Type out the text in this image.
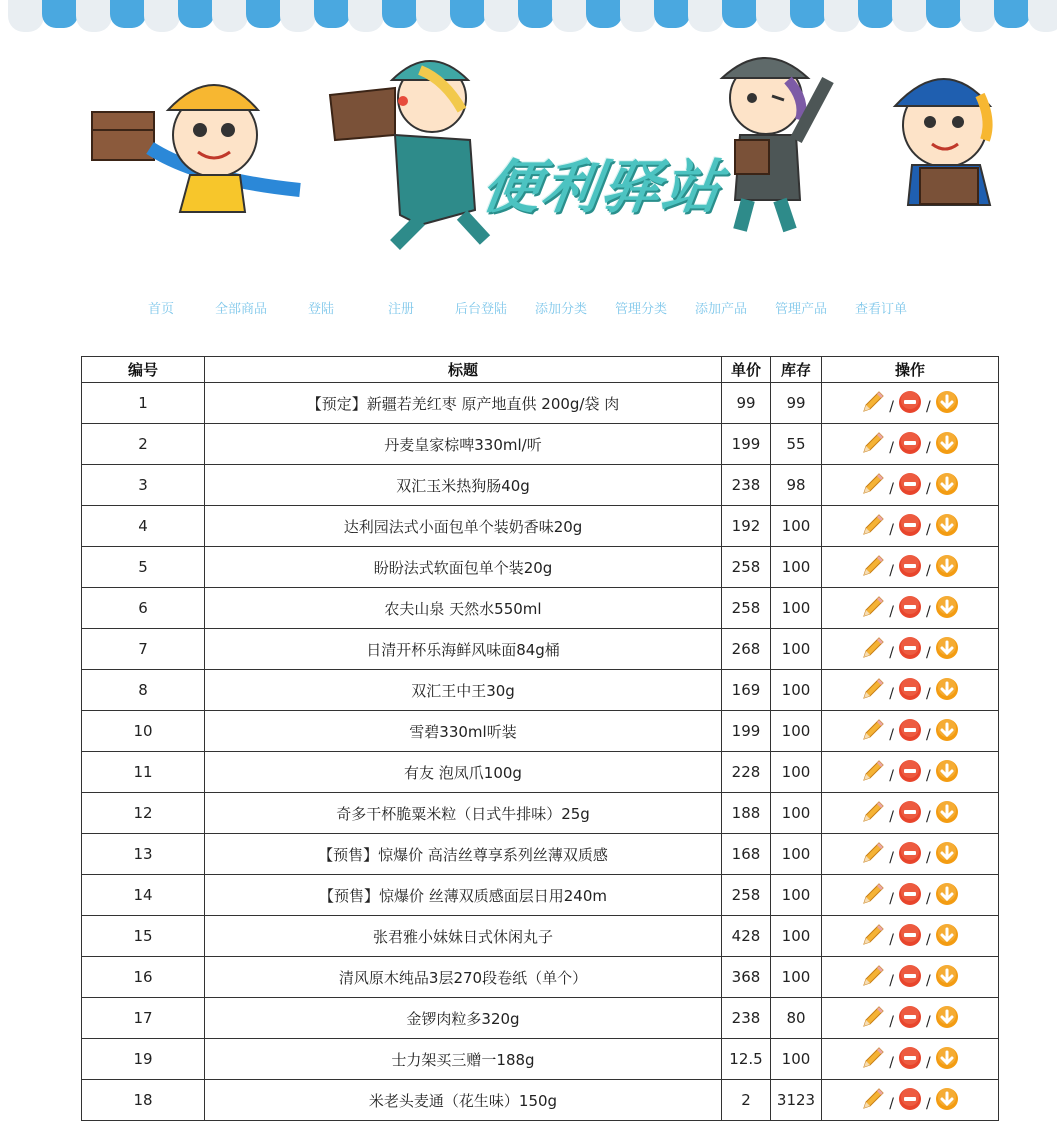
便利驿站
首页	全部商品	登陆	注册	后台登陆	添加分类	管理分类	添加产品	管理产品	查看订单
编号	标题	单价	库存	操作
1	【预定】新疆若羌红枣 原产地直供 200g/袋 肉	99	99	/ /

2	丹麦皇家棕啤330ml/听	199	55	/ /

3	双汇玉米热狗肠40g	238	98	/ /

4	达利园法式小面包单个装奶香味20g	192	100	/ /

5	盼盼法式软面包单个装20g	258	100	/ /

6	农夫山泉 天然水550ml	258	100	/ /

7	日清开杯乐海鲜风味面84g桶	268	100	/ /

8	双汇王中王30g	169	100	/ /

10	雪碧330ml听装	199	100	/ /

11	有友 泡凤爪100g	228	100	/ /

12	奇多干杯脆粟米粒（日式牛排味）25g	188	100	/ /

13	【预售】惊爆价 高洁丝尊享系列丝薄双质感	168	100	/ /

14	【预售】惊爆价 丝薄双质感面层日用240m	258	100	/ /

15	张君雅小妹妹日式休闲丸子	428	100	/ /

16	清风原木纯品3层270段卷纸（单个）	368	100	/ /

17	金锣肉粒多320g	238	80	/ /

19	士力架买三赠一188g	12.5	100	/ /

18	米老头麦通（花生味）150g	2	3123	/ /
